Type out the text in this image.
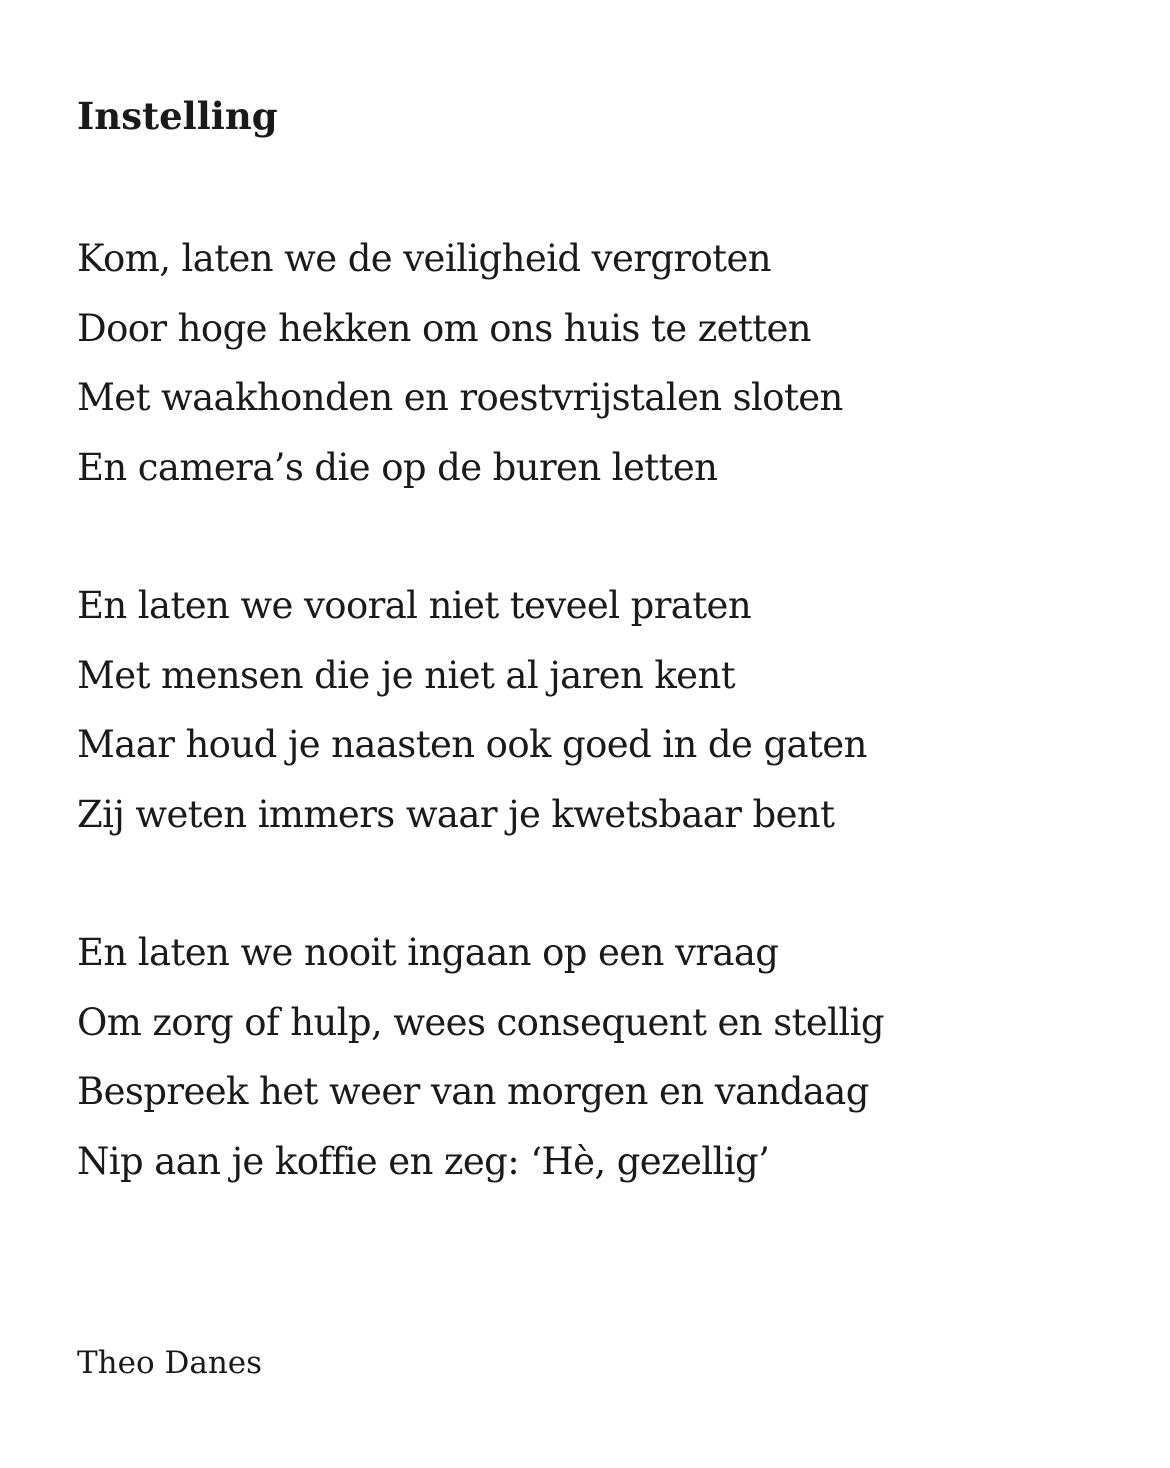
Instelling
Kom, laten we de veiligheid vergroten
Door hoge hekken om ons huis te zetten
Met waakhonden en roestvrijstalen sloten
En camera’s die op de buren letten
En laten we vooral niet teveel praten
Met mensen die je niet al jaren kent
Maar houd je naasten ook goed in de gaten
Zij weten immers waar je kwetsbaar bent
En laten we nooit ingaan op een vraag
Om zorg of hulp, wees consequent en stellig
Bespreek het weer van morgen en vandaag
Nip aan je koffie en zeg: ‘Hè, gezellig’

Theo Danes
